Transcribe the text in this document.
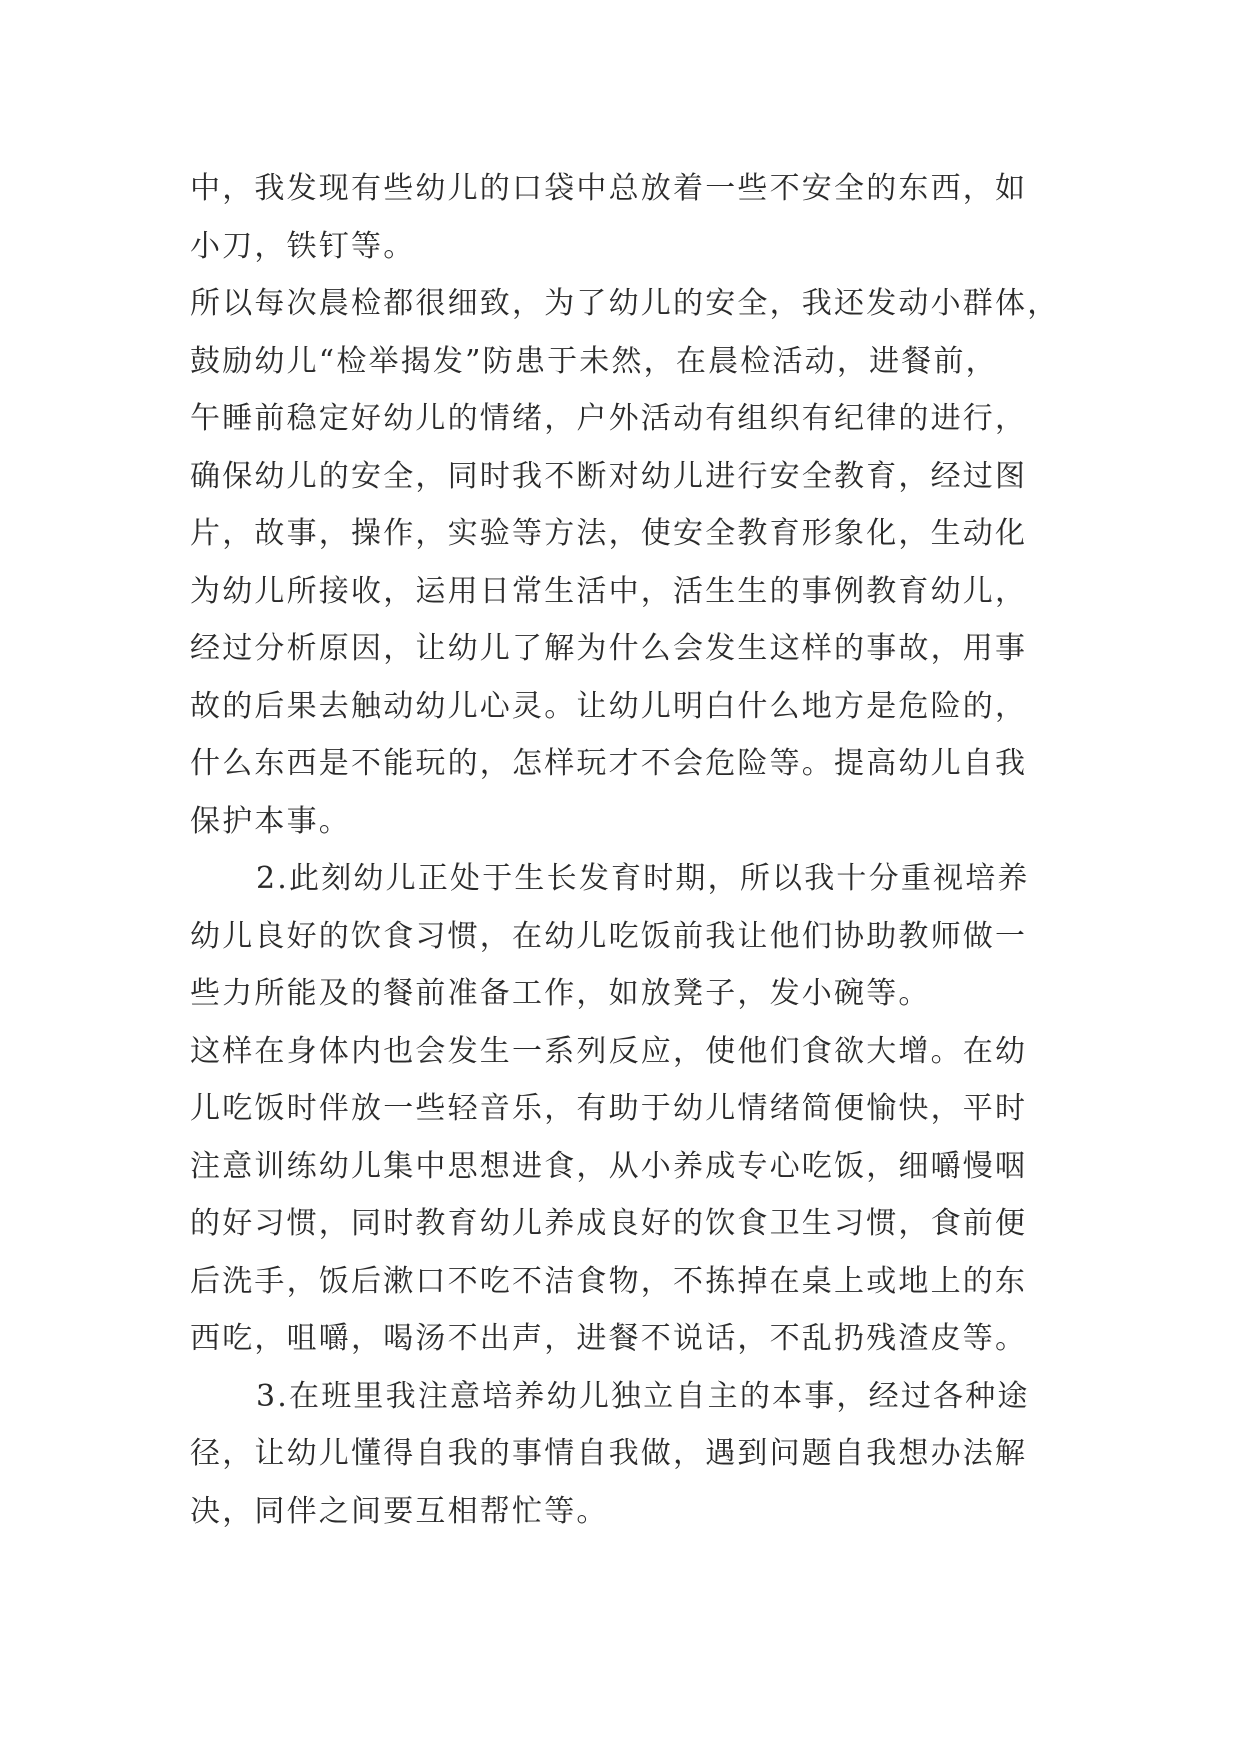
中，我发现有些幼儿的口袋中总放着一些不安全的东西，如
小刀，铁钉等。
所以每次晨检都很细致，为了幼儿的安全，我还发动小群体，
鼓励幼儿“检举揭发”防患于未然，在晨检活动，进餐前，
午睡前稳定好幼儿的情绪，户外活动有组织有纪律的进行，
确保幼儿的安全，同时我不断对幼儿进行安全教育，经过图
片，故事，操作，实验等方法，使安全教育形象化，生动化
为幼儿所接收，运用日常生活中，活生生的事例教育幼儿，
经过分析原因，让幼儿了解为什么会发生这样的事故，用事
故的后果去触动幼儿心灵。让幼儿明白什么地方是危险的，
什么东西是不能玩的，怎样玩才不会危险等。提高幼儿自我
保护本事。
2.此刻幼儿正处于生长发育时期，所以我十分重视培养
幼儿良好的饮食习惯，在幼儿吃饭前我让他们协助教师做一
些力所能及的餐前准备工作，如放凳子，发小碗等。
这样在身体内也会发生一系列反应，使他们食欲大增。在幼
儿吃饭时伴放一些轻音乐，有助于幼儿情绪简便愉快，平时
注意训练幼儿集中思想进食，从小养成专心吃饭，细嚼慢咽
的好习惯，同时教育幼儿养成良好的饮食卫生习惯，食前便
后洗手，饭后漱口不吃不洁食物，不拣掉在桌上或地上的东
西吃，咀嚼，喝汤不出声，进餐不说话，不乱扔残渣皮等。
3.在班里我注意培养幼儿独立自主的本事，经过各种途
径，让幼儿懂得自我的事情自我做，遇到问题自我想办法解
决，同伴之间要互相帮忙等。
